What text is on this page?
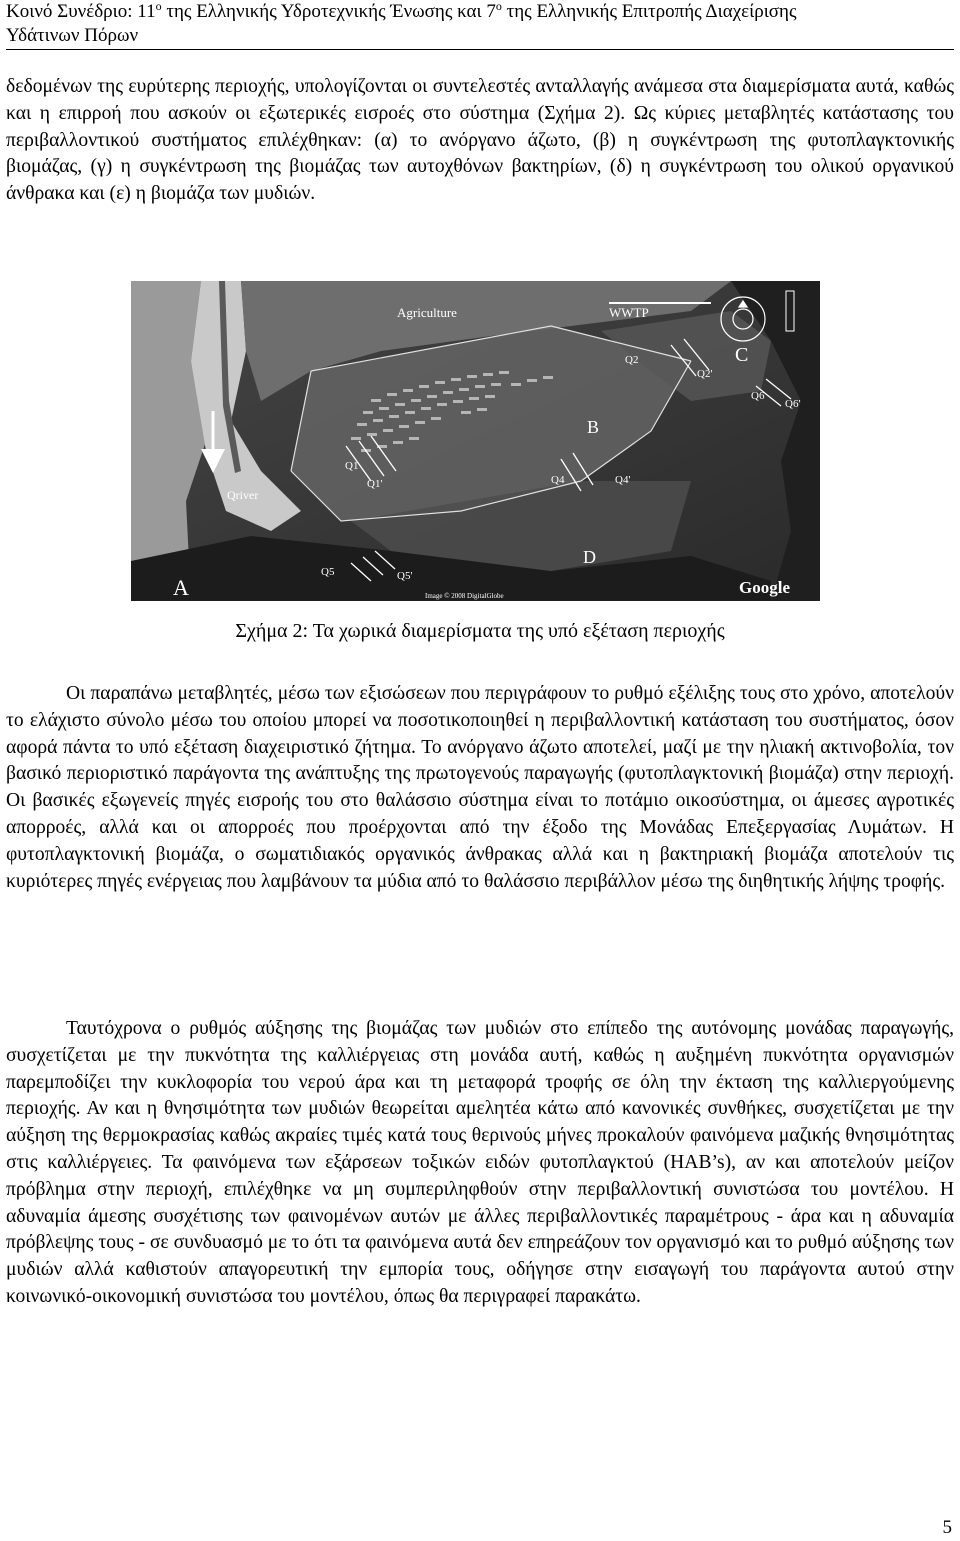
Κοινό Συνέδριο: $11^o$ της Ελληνικής Υδροτεχνικής Ένωσης και $7^o$ της Ελληνικής Επιτροπής Διαχείρισης
Υδάτινων Πόρων

δεδομένων της ευρύτερης περιοχής, υπολογίζονται οι συντελεστές ανταλλαγής ανάμεσα στα διαμερίσματα αυτά, καθώς και η επιρροή που ασκούν οι εξωτερικές εισροές στο σύστημα (Σχήμα 2). Ως κύριες μεταβλητές κατάστασης του περιβαλλοντικού συστήματος επιλέχθηκαν: (α) το ανόργανο άζωτο, (β) η συγκέντρωση της φυτοπλαγκτονικής βιομάζας, (γ) η συγκέντρωση της βιομάζας των αυτοχθόνων βακτηρίων, (δ) η συγκέντρωση του ολικού οργανικού άνθρακα και (ε) η βιομάζα των μυδιών.

Agriculture	WWTP
Qriver
A
B
C
D
Q1
Q1'
Q2
Q2'
Q4	Q4'
Q5	Q5'
Q6
Q6'
Image © 2008 DigitalGlobe	Google
Σχήμα 2: Τα χωρικά διαμερίσματα της υπό εξέταση περιοχής

Οι παραπάνω μεταβλητές, μέσω των εξισώσεων που περιγράφουν το ρυθμό εξέλιξης τους στο χρόνο, αποτελούν το ελάχιστο σύνολο μέσω του οποίου μπορεί να ποσοτικοποιηθεί η περιβαλλοντική κατάσταση του συστήματος, όσον αφορά πάντα το υπό εξέταση διαχειριστικό ζήτημα. Το ανόργανο άζωτο αποτελεί, μαζί με την ηλιακή ακτινοβολία, τον βασικό περιοριστικό παράγοντα της ανάπτυξης της πρωτογενούς παραγωγής (φυτοπλαγκτονική βιομάζα) στην περιοχή. Οι βασικές εξωγενείς πηγές εισροής του στο θαλάσσιο σύστημα είναι το ποτάμιο οικοσύστημα, οι άμεσες αγροτικές απορροές, αλλά και οι απορροές που προέρχονται από την έξοδο της Μονάδας Επεξεργασίας Λυμάτων. Η φυτοπλαγκτονική βιομάζα, ο σωματιδιακός οργανικός άνθρακας αλλά και η βακτηριακή βιομάζα αποτελούν τις κυριότερες πηγές ενέργειας που λαμβάνουν τα μύδια από το θαλάσσιο περιβάλλον μέσω της διηθητικής λήψης τροφής.

Ταυτόχρονα ο ρυθμός αύξησης της βιομάζας των μυδιών στο επίπεδο της αυτόνομης μονάδας παραγωγής, συσχετίζεται με την πυκνότητα της καλλιέργειας στη μονάδα αυτή, καθώς η αυξημένη πυκνότητα οργανισμών παρεμποδίζει την κυκλοφορία του νερού άρα και τη μεταφορά τροφής σε όλη την έκταση της καλλιεργούμενης περιοχής. Αν και η θνησιμότητα των μυδιών θεωρείται αμελητέα κάτω από κανονικές συνθήκες, συσχετίζεται με την αύξηση της θερμοκρασίας καθώς ακραίες τιμές κατά τους θερινούς μήνες προκαλούν φαινόμενα μαζικής θνησιμότητας στις καλλιέργειες. Τα φαινόμενα των εξάρσεων τοξικών ειδών φυτοπλαγκτού (HAB’s), αν και αποτελούν μείζον πρόβλημα στην περιοχή, επιλέχθηκε να μη συμπεριληφθούν στην περιβαλλοντική συνιστώσα του μοντέλου. Η αδυναμία άμεσης συσχέτισης των φαινομένων αυτών με άλλες περιβαλλοντικές παραμέτρους - άρα και η αδυναμία πρόβλεψης τους - σε συνδυασμό με το ότι τα φαινόμενα αυτά δεν επηρεάζουν τον οργανισμό και το ρυθμό αύξησης των μυδιών αλλά καθιστούν απαγορευτική την εμπορία τους, οδήγησε στην εισαγωγή του παράγοντα αυτού στην κοινωνικό-οικονομική συνιστώσα του μοντέλου, όπως θα περιγραφεί παρακάτω.

5
